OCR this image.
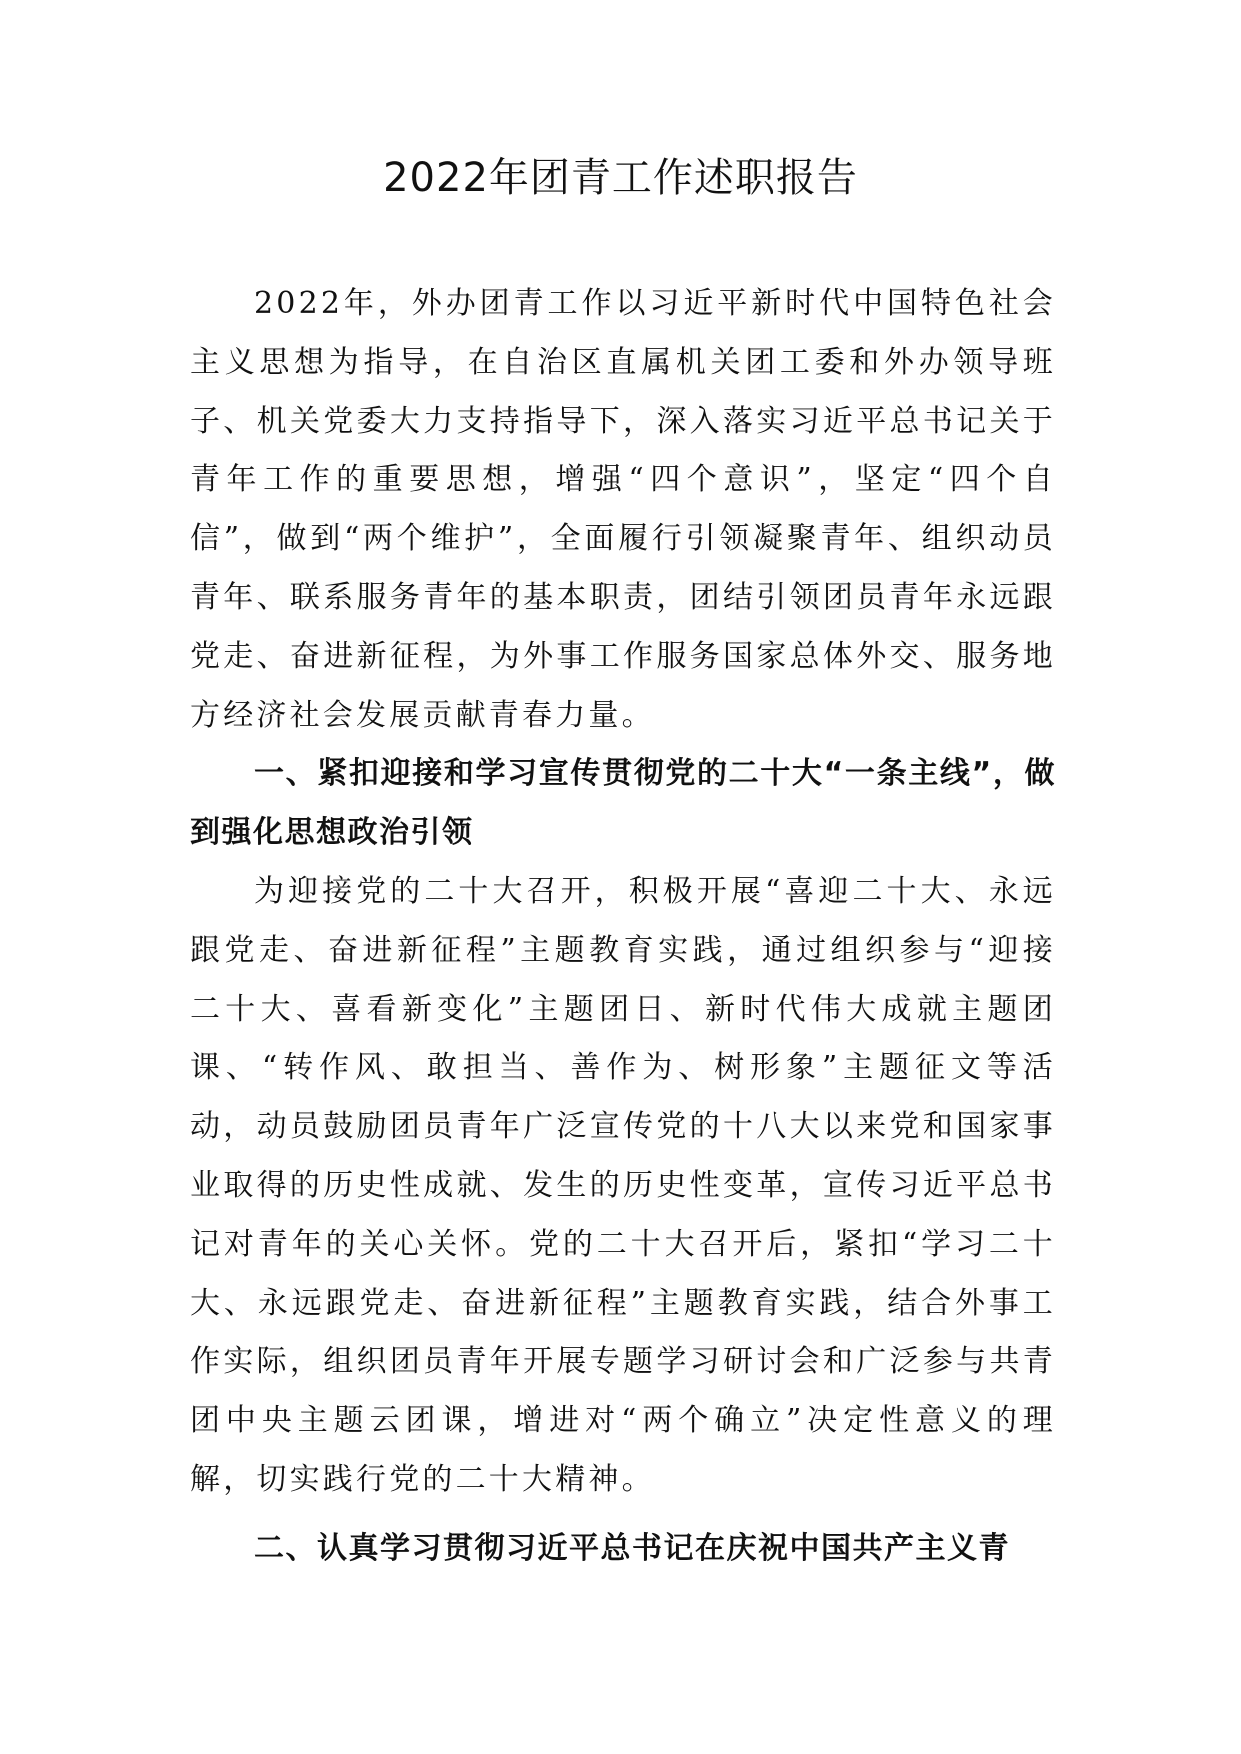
2022年团青工作述职报告

2022年，外办团青工作以习近平新时代中国特色社会主义思想为指导，在自治区直属机关团工委和外办领导班子、机关党委大力支持指导下，深入落实习近平总书记关于青年工作的重要思想，增强“四个意识”，坚定“四个自信”，做到“两个维护”，全面履行引领凝聚青年、组织动员青年、联系服务青年的基本职责，团结引领团员青年永远跟党走、奋进新征程，为外事工作服务国家总体外交、服务地方经济社会发展贡献青春力量。

一、紧扣迎接和学习宣传贯彻党的二十大“一条主线”，做到强化思想政治引领

为迎接党的二十大召开，积极开展“喜迎二十大、永远跟党走、奋进新征程”主题教育实践，通过组织参与“迎接二十大、喜看新变化”主题团日、新时代伟大成就主题团课、“转作风、敢担当、善作为、树形象”主题征文等活动，动员鼓励团员青年广泛宣传党的十八大以来党和国家事业取得的历史性成就、发生的历史性变革，宣传习近平总书记对青年的关心关怀。党的二十大召开后，紧扣“学习二十大、永远跟党走、奋进新征程”主题教育实践，结合外事工作实际，组织团员青年开展专题学习研讨会和广泛参与共青团中央主题云团课，增进对“两个确立”决定性意义的理解，切实践行党的二十大精神。

二、认真学习贯彻习近平总书记在庆祝中国共产主义青
